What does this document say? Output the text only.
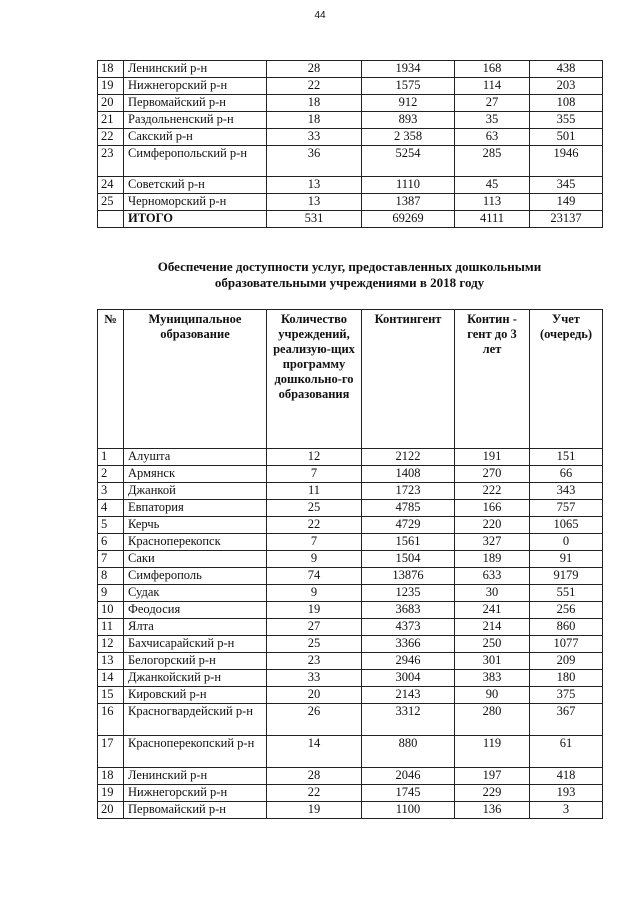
44
18	Ленинский р-н	28	1934	168	438
19	Нижнегорский р-н	22	1575	114	203
20	Первомайский р-н	18	912	27	108
21	Раздольненский р-н	18	893	35	355
22	Сакский р-н	33	2 358	63	501
23	Симферопольский р-н	36	5254	285	1946
24	Советский р-н	13	1110	45	345
25	Черноморский р-н	13	1387	113	149
	ИТОГО	531	69269	4111	23137
Обеспечение доступности услуг, предоставленных дошкольными
образовательными учреждениями в 2018 году
№	Муниципальное образование	Количество учреждений, реализую-щих программу дошкольно-го образования	Контингент	Контин - гент до 3 лет	Учет (очередь)
1	Алушта	12	2122	191	151
2	Армянск	7	1408	270	66
3	Джанкой	11	1723	222	343
4	Евпатория	25	4785	166	757
5	Керчь	22	4729	220	1065
6	Красноперекопск	7	1561	327	0
7	Саки	9	1504	189	91
8	Симферополь	74	13876	633	9179
9	Судак	9	1235	30	551
10	Феодосия	19	3683	241	256
11	Ялта	27	4373	214	860
12	Бахчисарайский р-н	25	3366	250	1077
13	Белогорский р-н	23	2946	301	209
14	Джанкойский р-н	33	3004	383	180
15	Кировский р-н	20	2143	90	375
16	Красногвардейский р-н	26	3312	280	367
17	Красноперекопский р-н	14	880	119	61
18	Ленинский р-н	28	2046	197	418
19	Нижнегорский р-н	22	1745	229	193
20	Первомайский р-н	19	1100	136	3
